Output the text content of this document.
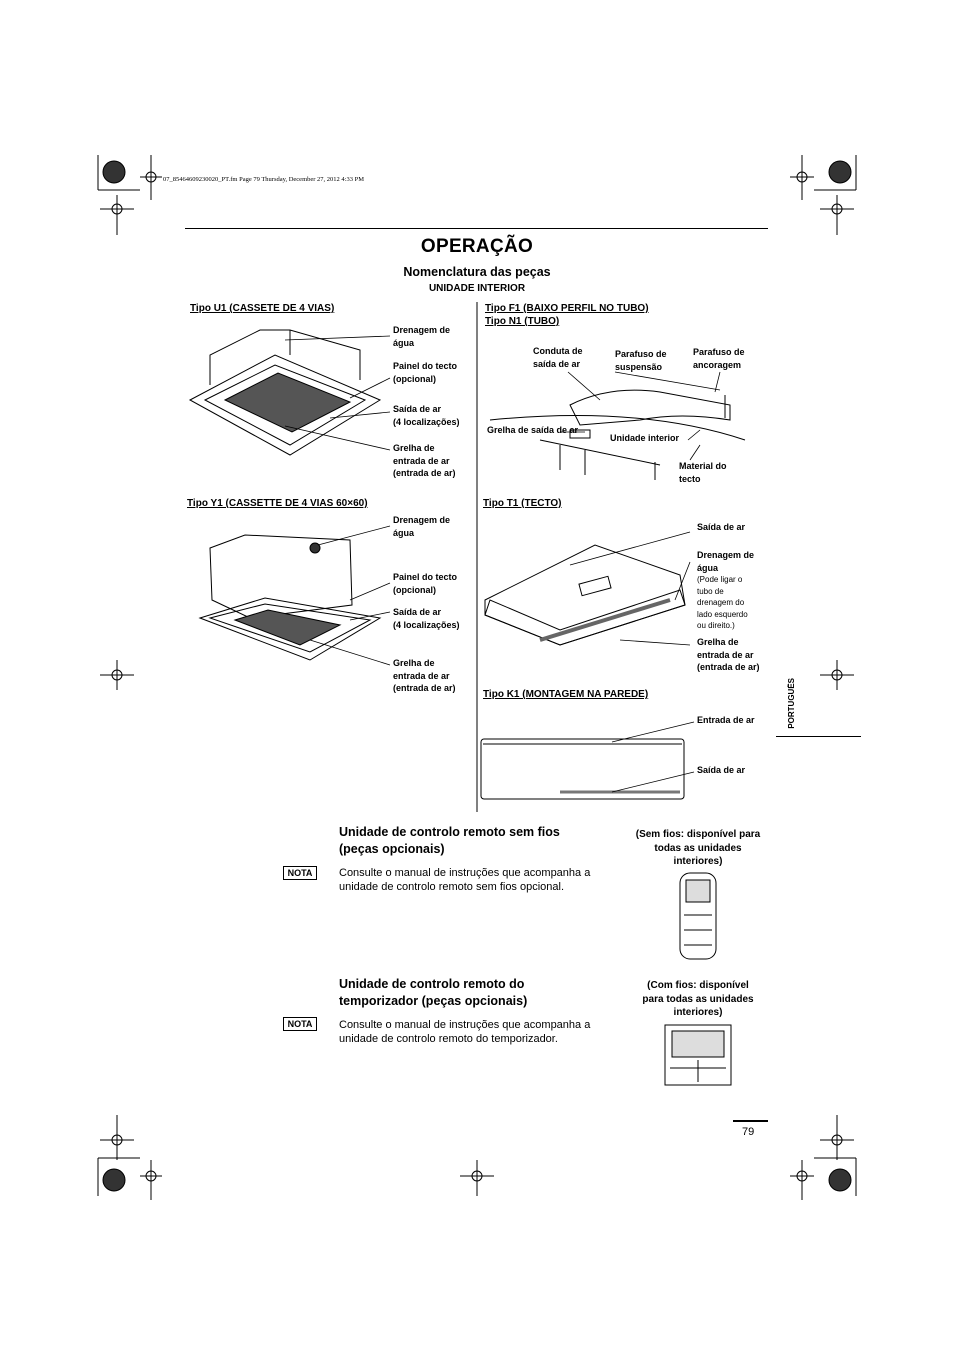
07_85464609230020_PT.fm Page 79 Thursday, December 27, 2012 4:33 PM
OPERAÇÃO
Nomenclatura das peças
UNIDADE INTERIOR
Tipo U1 (CASSETE DE 4 VIAS)
Drenagem de
água
Painel do tecto
(opcional)
Saída de ar
(4 localizações)
Grelha de
entrada de ar
(entrada de ar)
Tipo F1 (BAIXO PERFIL NO TUBO)
Tipo N1 (TUBO)
Conduta de
saída de ar
Parafuso de
suspensão
Parafuso de
ancoragem
Grelha de saída de ar
Unidade interior
Material do
tecto
Tipo Y1 (CASSETTE DE 4 VIAS 60×60)
Drenagem de
água
Painel do tecto
(opcional)
Saída de ar
(4 localizações)
Grelha de
entrada de ar
(entrada de ar)
Tipo T1 (TECTO)
Saída de ar
Drenagem de
água
(Pode ligar o
tubo de
drenagem do
lado esquerdo
ou direito.)
Grelha de
entrada de ar
(entrada de ar)
Tipo K1 (MONTAGEM NA PAREDE)
Entrada de ar
Saída de ar
PORTUGUÊS
Unidade de controlo remoto sem fios
(peças opcionais)
NOTA	Consulte o manual de instruções que acompanha a
unidade de controlo remoto sem fios opcional.
(Sem fios: disponível para
todas as unidades
interiores)
Unidade de controlo remoto do
temporizador (peças opcionais)
NOTA	Consulte o manual de instruções que acompanha a
unidade de controlo remoto do temporizador.
(Com fios: disponível
para todas as unidades
interiores)
79
